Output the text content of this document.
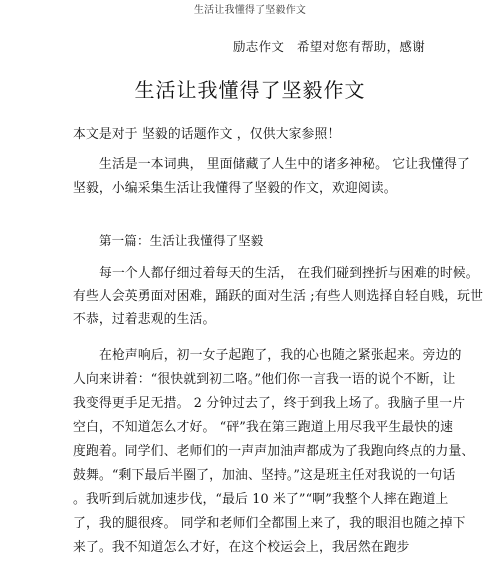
生活让我懂得了坚毅作文
励志作文　希望对您有帮助，感谢
生活让我懂得了坚毅作文
本文是对于 坚毅的话题作文 ，仅供大家参照！
生活是一本词典， 里面储藏了人生中的诸多神秘。 它让我懂得了
坚毅，小编采集生活让我懂得了坚毅的作文，欢迎阅读。
第一篇：生活让我懂得了坚毅
每一个人都仔细过着每天的生活， 在我们碰到挫折与困难的时候。
有些人会英勇面对困难，踊跃的面对生活 ;有些人则选择自轻自贱，玩世
不恭，过着悲观的生活。
在枪声响后，初一女子起跑了，我的心也随之紧张起来。旁边的
人向来讲着：“很快就到初二咯。”他们你一言我一语的说个不断，让
我变得更手足无措。 2 分钟过去了，终于到我上场了。我脑子里一片
空白，不知道怎么才好。 “砰”我在第三跑道上用尽我平生最快的速
度跑着。同学们、老师们的一声声加油声都成为了我跑向终点的力量、
鼓舞。“剩下最后半圈了，加油、坚持。”这是班主任对我说的一句话
。我听到后就加速步伐，“最后 10 米了”“啊”我整个人摔在跑道上
了，我的腿很疼。 同学和老师们全都围上来了，我的眼泪也随之掉下
来了。我不知道怎么才好，在这个校运会上，我居然在跑步
